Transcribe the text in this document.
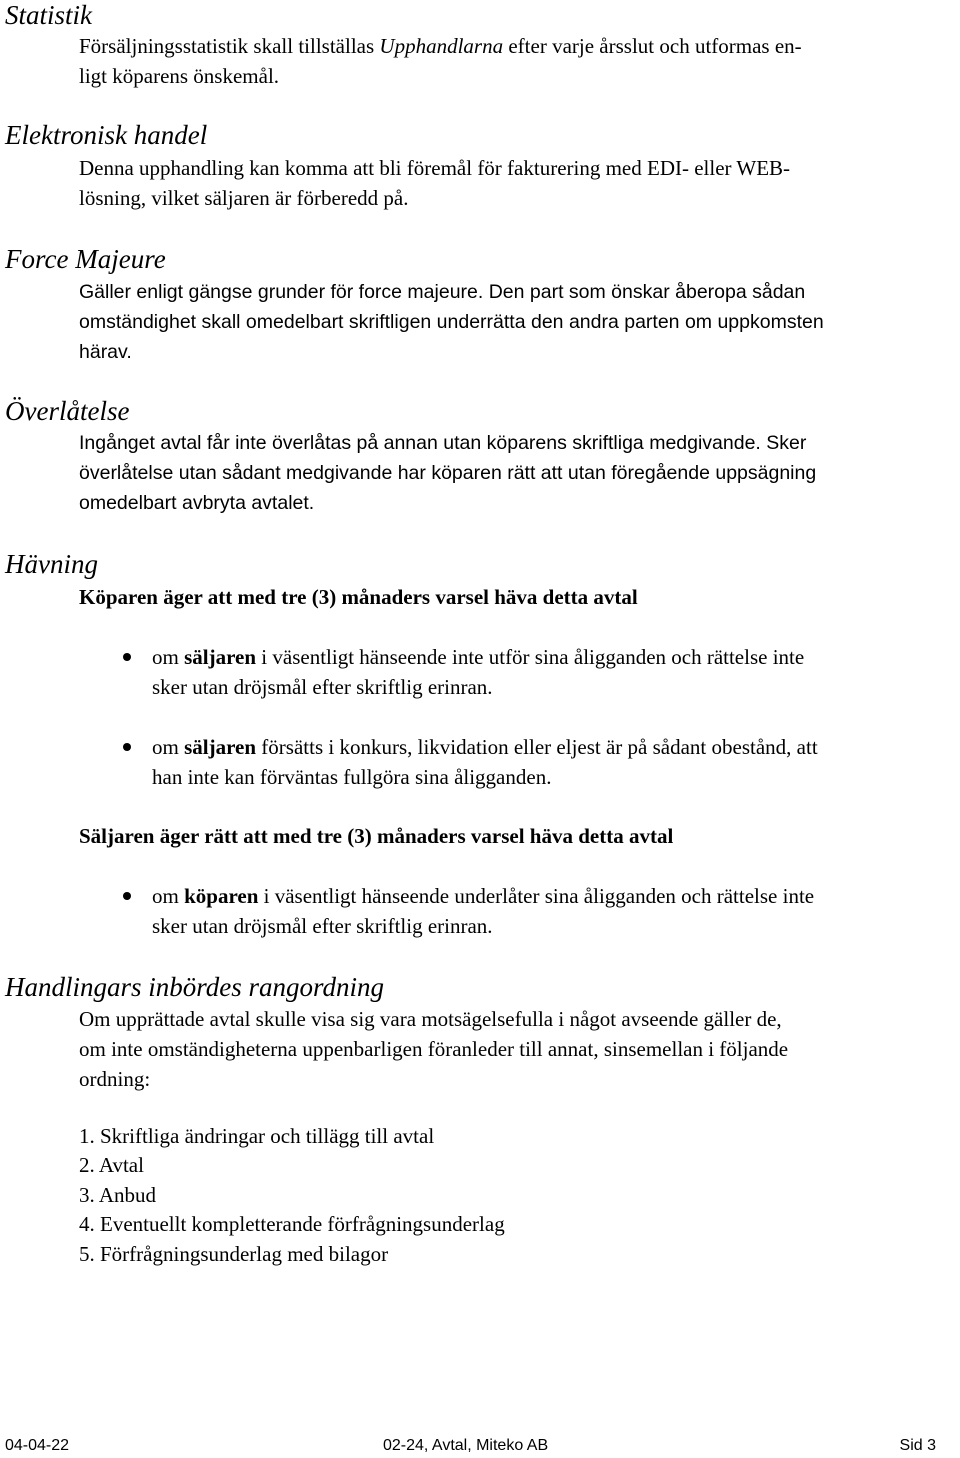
Statistik
Försäljningsstatistik skall tillställas Upphandlarna efter varje årsslut och utformas en-
ligt köparens önskemål.
Elektronisk handel
Denna upphandling kan komma att bli föremål för fakturering med EDI- eller WEB-
lösning, vilket säljaren är förberedd på.
Force Majeure
Gäller enligt gängse grunder för force majeure. Den part som önskar åberopa sådan
omständighet skall omedelbart skriftligen underrätta den andra parten om uppkomsten
härav.
Överlåtelse
Ingånget avtal får inte överlåtas på annan utan köparens skriftliga medgivande. Sker
överlåtelse utan sådant medgivande har köparen rätt att utan föregående uppsägning
omedelbart avbryta avtalet.
Hävning
Köparen äger att med tre (3) månaders varsel häva detta avtal
om säljaren i väsentligt hänseende inte utför sina åligganden och rättelse inte
sker utan dröjsmål efter skriftlig erinran.
om säljaren försätts i konkurs, likvidation eller eljest är på sådant obestånd, att
han inte kan förväntas fullgöra sina åligganden.
Säljaren äger rätt att med tre (3) månaders varsel häva detta avtal
om köparen i väsentligt hänseende underlåter sina åligganden och rättelse inte
sker utan dröjsmål efter skriftlig erinran.
Handlingars inbördes rangordning
Om upprättade avtal skulle visa sig vara motsägelsefulla i något avseende gäller de,
om inte omständigheterna uppenbarligen föranleder till annat, sinsemellan i följande
ordning:
1. Skriftliga ändringar och tillägg till avtal
2. Avtal
3. Anbud
4. Eventuellt kompletterande förfrågningsunderlag
5. Förfrågningsunderlag med bilagor
04-04-22	02-24, Avtal, Miteko AB	Sid 3
